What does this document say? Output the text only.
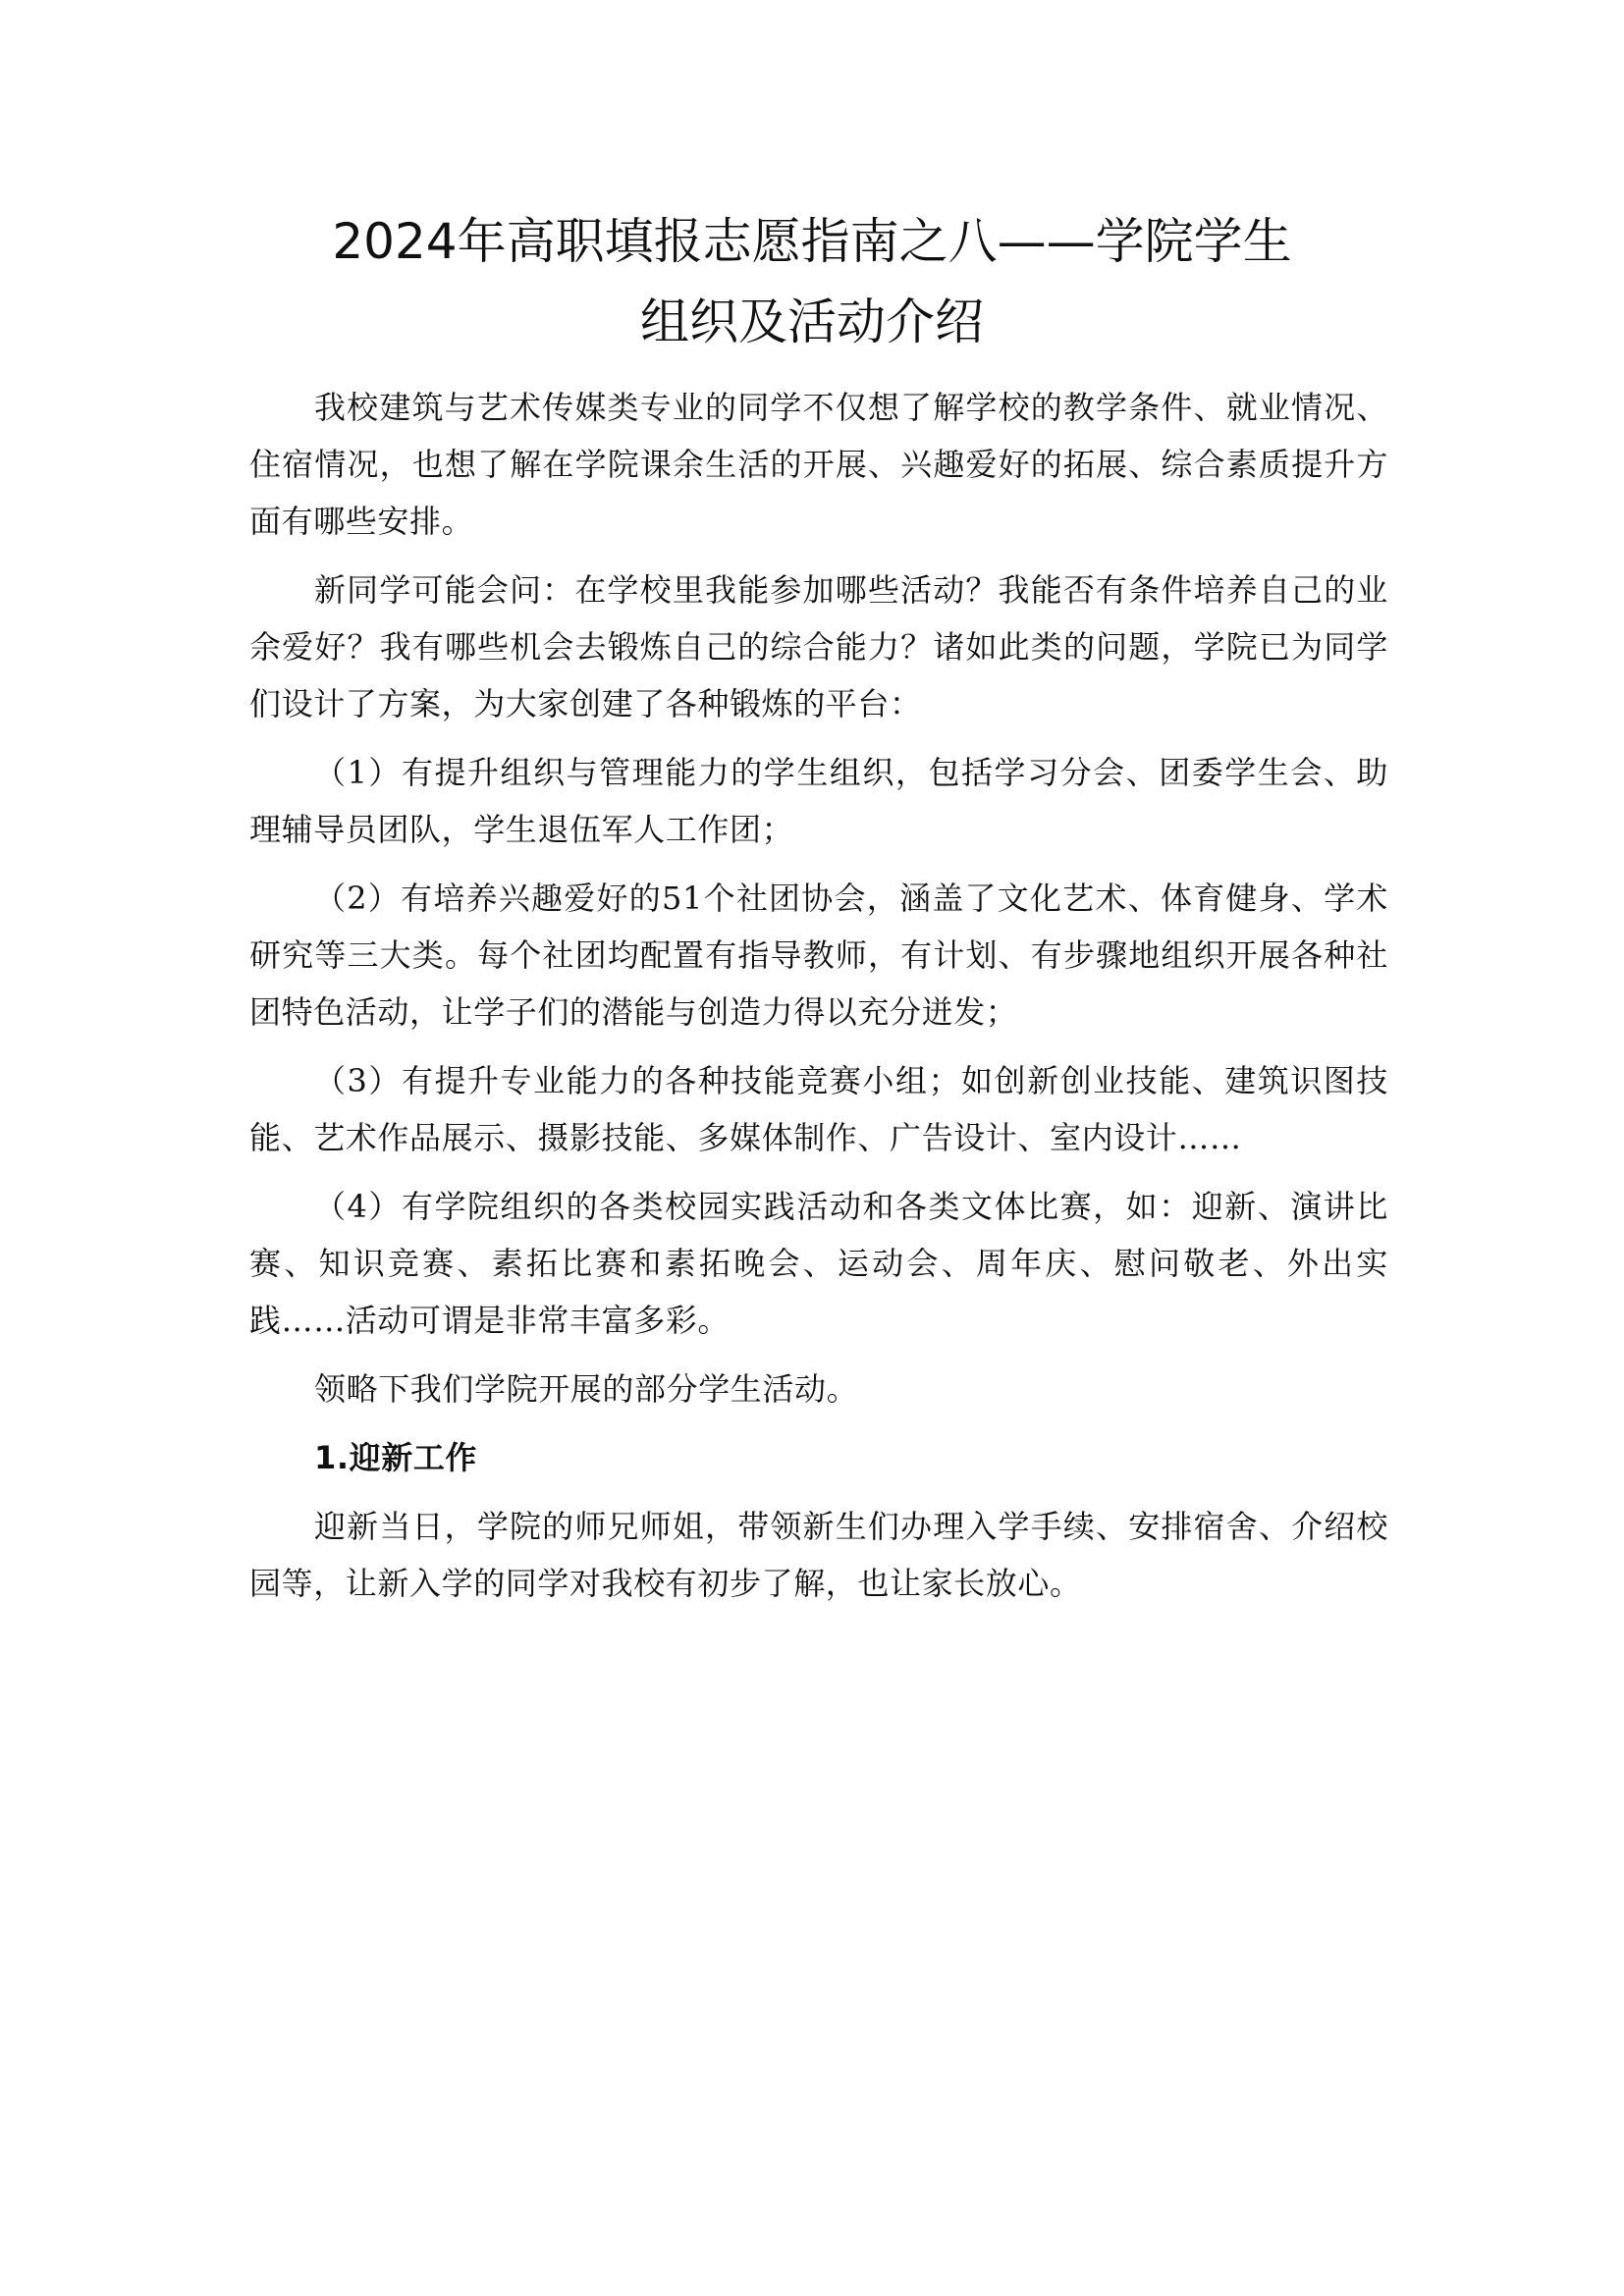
2024年高职填报志愿指南之八——学院学生
组织及活动介绍

我校建筑与艺术传媒类专业的同学不仅想了解学校的教学条件、就业情况、住宿情况，也想了解在学院课余生活的开展、兴趣爱好的拓展、综合素质提升方面有哪些安排。

新同学可能会问：在学校里我能参加哪些活动？我能否有条件培养自己的业余爱好？我有哪些机会去锻炼自己的综合能力？诸如此类的问题，学院已为同学们设计了方案，为大家创建了各种锻炼的平台：

（1）有提升组织与管理能力的学生组织，包括学习分会、团委学生会、助理辅导员团队，学生退伍军人工作团；

（2）有培养兴趣爱好的51个社团协会，涵盖了文化艺术、体育健身、学术研究等三大类。每个社团均配置有指导教师，有计划、有步骤地组织开展各种社团特色活动，让学子们的潜能与创造力得以充分迸发；

（3）有提升专业能力的各种技能竞赛小组；如创新创业技能、建筑识图技能、艺术作品展示、摄影技能、多媒体制作、广告设计、室内设计……

（4）有学院组织的各类校园实践活动和各类文体比赛，如：迎新、演讲比赛、知识竞赛、素拓比赛和素拓晚会、运动会、周年庆、慰问敬老、外出实践……活动可谓是非常丰富多彩。

领略下我们学院开展的部分学生活动。

1.迎新工作

迎新当日，学院的师兄师姐，带领新生们办理入学手续、安排宿舍、介绍校园等，让新入学的同学对我校有初步了解，也让家长放心。
